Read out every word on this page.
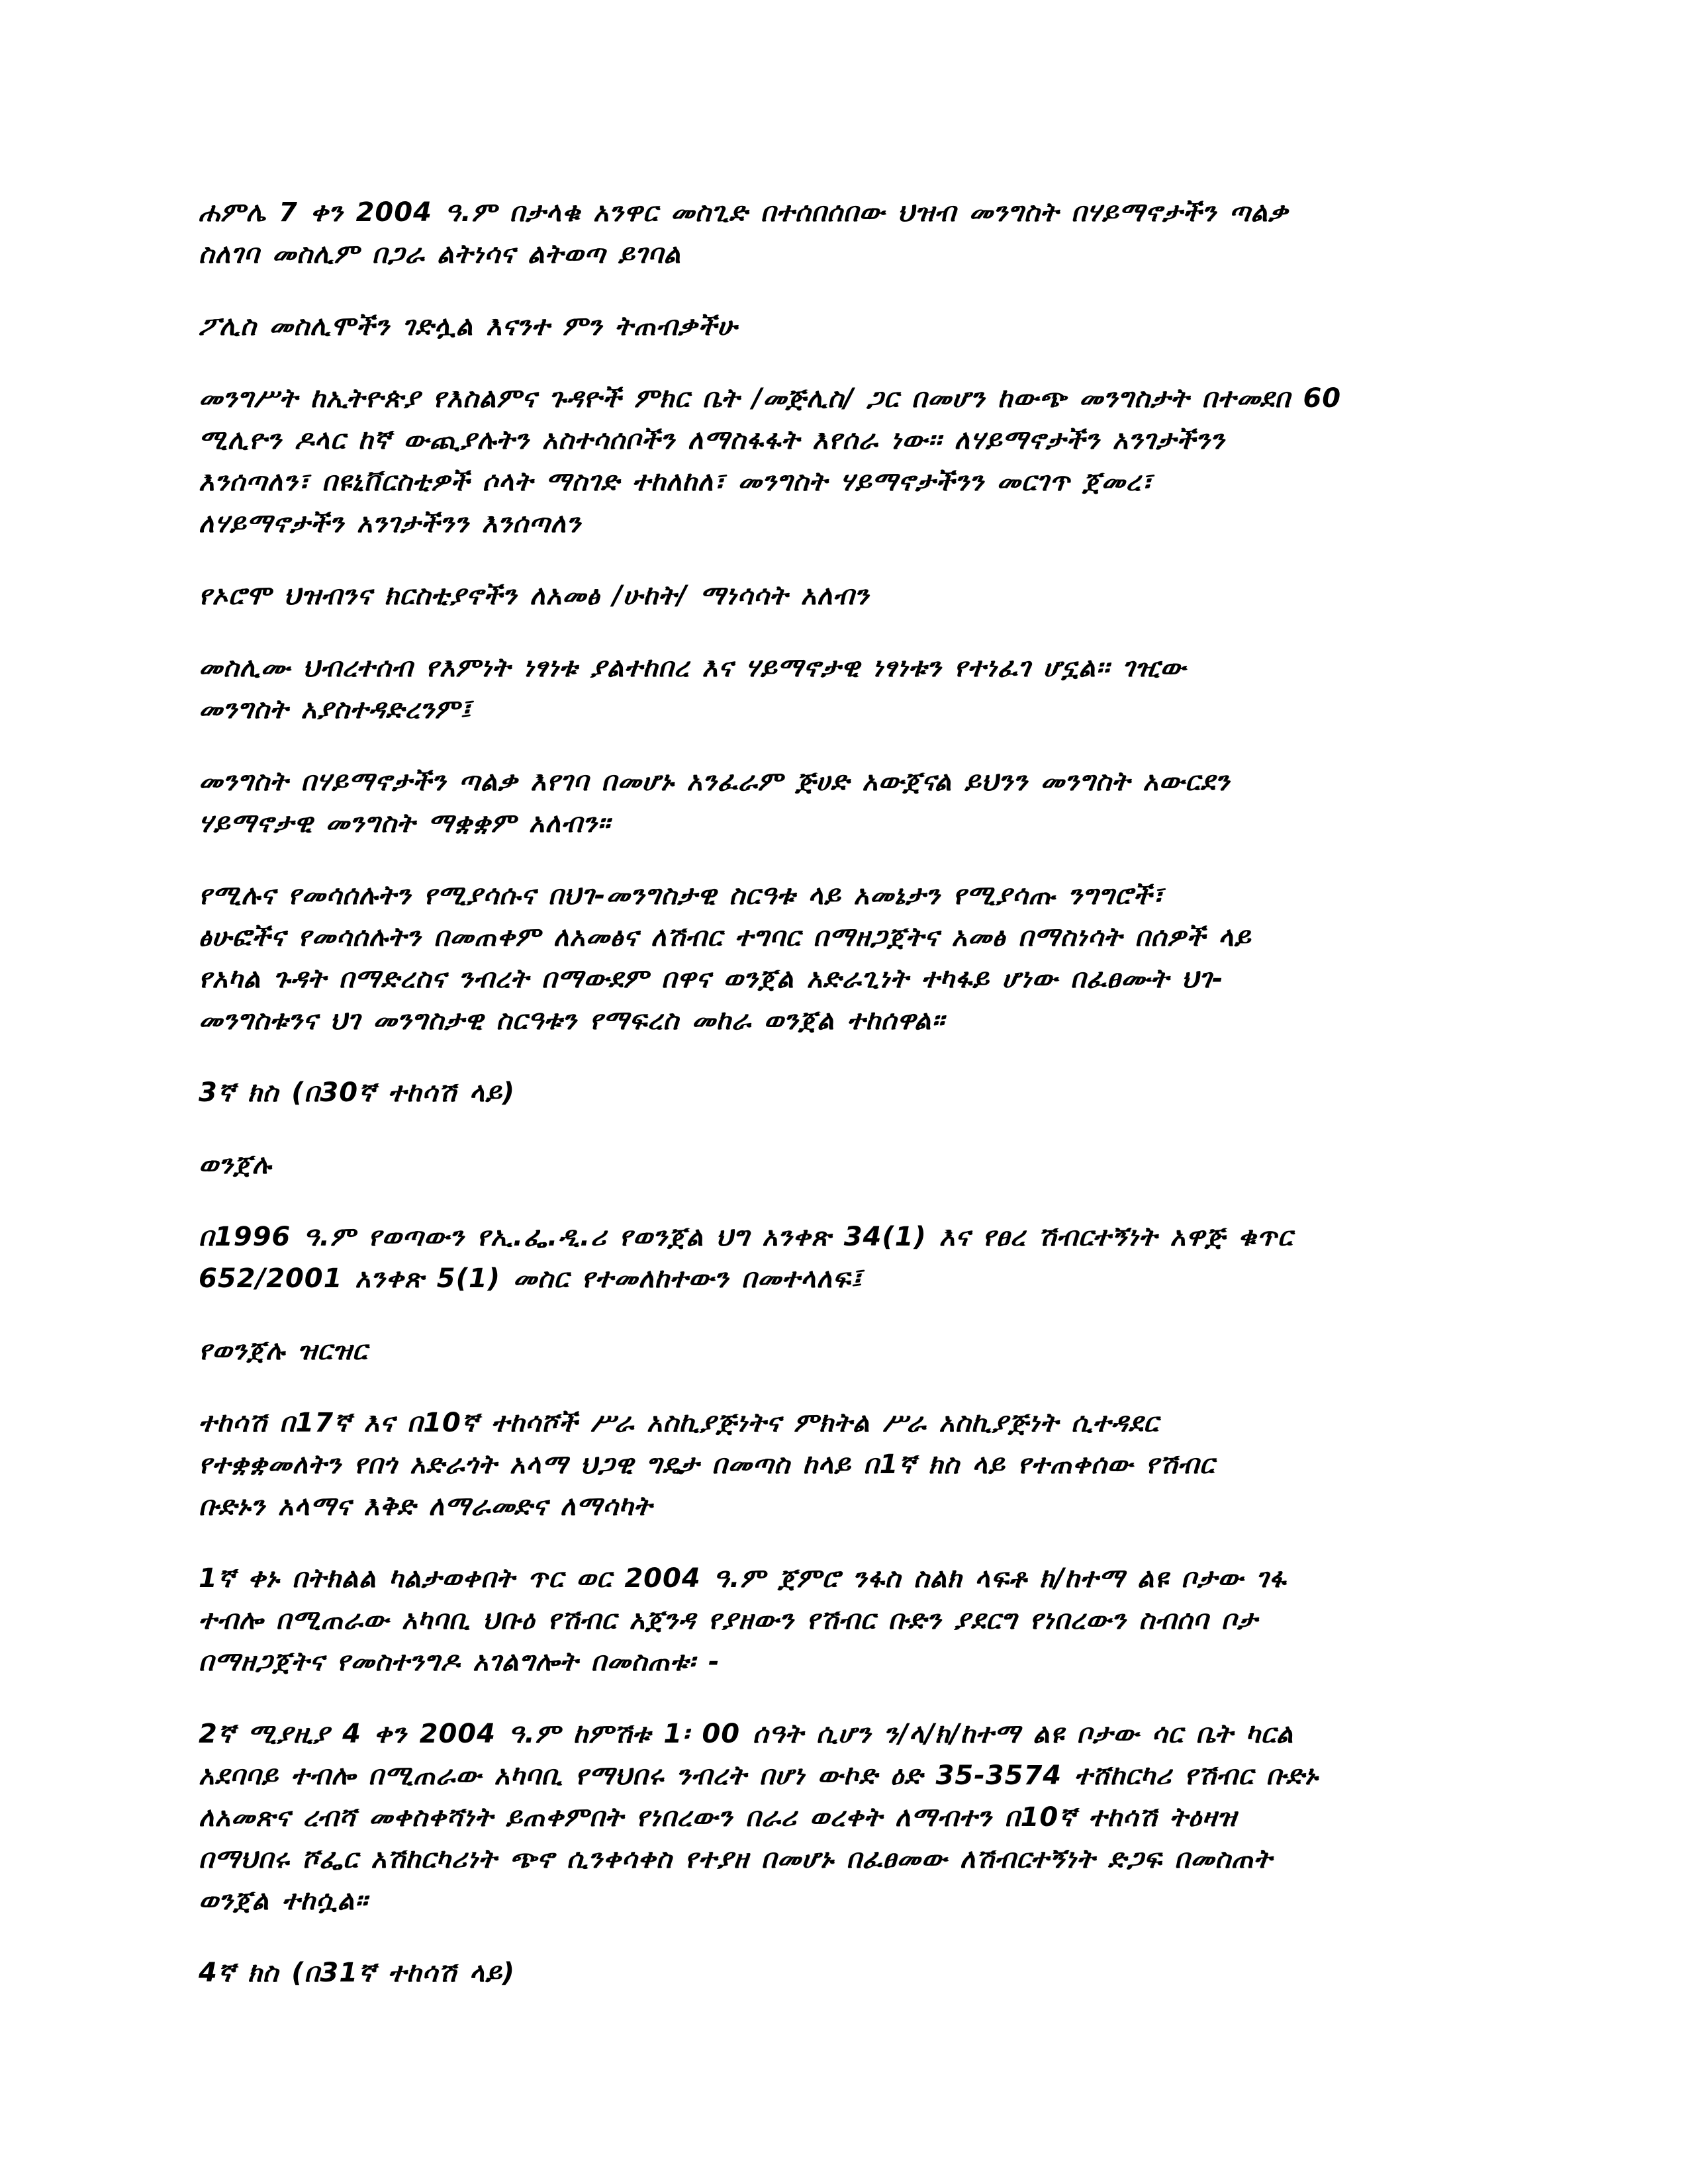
ሐምሌ 7 ቀን 2004 ዓ.ም በታላቁ አንዋር መስጊድ በተሰበሰበው ህዝብ መንግስት በሃይማኖታችን ጣልቃ
ስለገባ መስሊም በጋራ ልትነሳና ልትወጣ ይገባል

ፖሊስ መስሊሞችን ገድሏል እናንተ ምን ትጠብቃችሁ

መንግሥት ከኢትዮጵያ የእስልምና ጉዳዮች ምክር ቤት /መጅሊስ/ ጋር በመሆን ከውጭ መንግስታት በተመደበ 60
ሚሊዮን ዶላር ከኛ ውጪያሉትን አስተሳሰቦችን ለማስፋፋት እየሰራ ነው፡፡ ለሃይማኖታችን አንገታችንን
እንሰጣለን፣ በዩኒቨርስቲዎች ሶላት ማስገድ ተከለከለ፣ መንግስት ሃይማኖታችንን መርገጥ ጀመረ፣
ለሃይማኖታችን አንገታችንን እንሰጣለን

የኦሮሞ ህዝብንና ክርስቲያኖችን ለአመፅ /ሁከት/ ማነሳሳት አለብን

መስሊሙ ህብረተሰብ የእምነት ነፃነቱ ያልተከበረ እና ሃይማኖታዊ ነፃነቱን የተነፈገ ሆኗል፡፡ ገዢው
መንግስት አያስተዳድረንም፤

መንግስት በሃይማኖታችን ጣልቃ እየገባ በመሆኑ አንፈራም ጅሀድ አውጀናል ይህንን መንግስት አውርደን
ሃይማኖታዊ መንግስት ማቋቋም አለብን።

የሚሉና የመሳሰሉትን የሚያሳሱና በህገ-መንግስታዊ ስርዓቱ ላይ አመኔታን የሚያሳጡ ንግግሮች፣
ፅሁፎችና የመሳሰሉትን በመጠቀም ለአመፅና ለሽብር ተግባር በማዘጋጀትና አመፅ በማስነሳት በሰዎች ላይ
የአካል ጉዳት በማድረስና ንብረት በማውደም በዋና ወንጀል አድራጊነት ተካፋይ ሆነው በፈፀሙት ህገ-
መንግስቱንና ህገ መንግስታዊ ስርዓቱን የማፍረስ መከራ ወንጀል ተከሰዋል።

3ኛ ክስ (በ30ኛ ተከሳሽ ላይ)

ወንጀሉ

በ1996 ዓ.ም የወጣውን የኢ.ፌ.ዲ.ሪ የወንጀል ህግ አንቀጽ 34(1) እና የፀረ ሽብርተኝነት አዋጅ ቁጥር
652/2001 አንቀጽ 5(1) መስር የተመለከተውን በመተላለፍ፤

የወንጀሉ ዝርዝር

ተከሳሽ በ17ኛ እና በ10ኛ ተከሳሾች ሥራ አስኪያጅነትና ምክትል ሥራ አስኪያጅነት ሲተዳደር
የተቋቋመለትን የበጎ አድራጎት አላማ ህጋዊ ግዴታ በመጣስ ከላይ በ1ኛ ክስ ላይ የተጠቀሰው የሽብር
ቡድኑን አላማና እቅድ ለማራመድና ለማሳካት

1ኛ ቀኑ በትክልል ካልታወቀበት ጥር ወር 2004 ዓ.ም ጀምሮ ንፋስ ስልክ ላፍቶ ክ/ከተማ ልዩ ቦታው ገፋ
ተብሎ በሚጠራው አካባቢ ህቡዕ የሽብር አጀንዳ የያዘውን የሽብር ቡድን ያደርግ የነበረውን ስብሰባ ቦታ
በማዘጋጀትና የመስተንግዶ አገልግሎት በመስጠቱ፡ -

2ኛ ሚያዚያ 4 ቀን 2004 ዓ.ም ከምሽቱ 1፡ 00 ሰዓት ሲሆን ን/ላ/ክ/ከተማ ልዩ ቦታው ሳር ቤት ካርል
አደባባይ ተብሎ በሚጠራው አካባቢ የማህበሩ ንብረት በሆነ ውኮድ ዕድ 35-3574 ተሸከርካሪ የሽብር ቡድኑ
ለአመጽና ረብሻ መቀስቀሻነት ይጠቀምበት የነበረውን በራሪ ወረቀት ለማብተን በ10ኛ ተከሳሽ ትዕዛዝ
በማህበሩ ሾፌር አሽከርካሪነት ጭኖ ሲንቀሳቀስ የተያዘ በመሆኑ በፈፀመው ለሽብርተኝነት ድጋፍ በመስጠት
ወንጀል ተከሷል።

4ኛ ክስ (በ31ኛ ተከሳሽ ላይ)
